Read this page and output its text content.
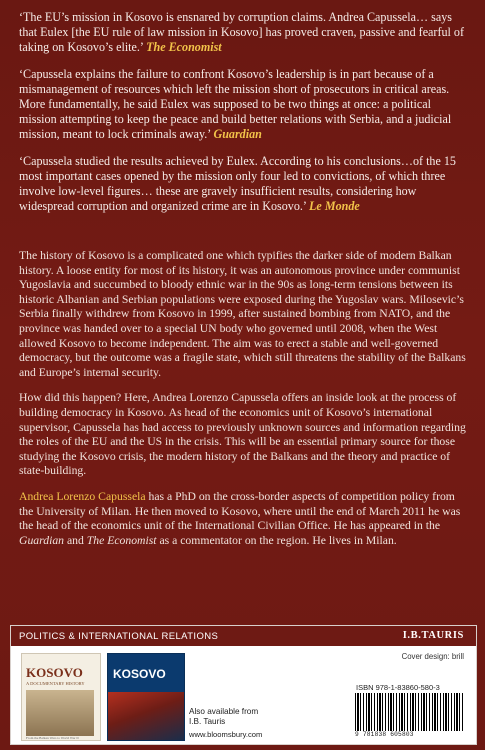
‘The EU’s mission in Kosovo is ensnared by corruption claims. Andrea Capussela… says that Eulex [the EU rule of law mission in Kosovo] has proved craven, passive and fearful of taking on Kosovo’s elite.’ The Economist

‘Capussela explains the failure to confront Kosovo’s leadership is in part because of a mismanagement of resources which left the mission short of prosecutors in critical areas. More fundamentally, he said Eulex was supposed to be two things at once: a political mission attempting to keep the peace and build better relations with Serbia, and a judicial mission, meant to lock criminals away.’ Guardian

‘Capussela studied the results achieved by Eulex. According to his conclusions…of the 15 most important cases opened by the mission only four led to convictions, of which three involve low-level figures… these are gravely insufficient results, considering how widespread corruption and organized crime are in Kosovo.’ Le Monde

The history of Kosovo is a complicated one which typifies the darker side of modern Balkan history. A loose entity for most of its history, it was an autonomous province under communist Yugoslavia and succumbed to bloody ethnic war in the 90s as long-term tensions between its historic Albanian and Serbian populations were exposed during the Yugoslav wars. Milosevic’s Serbia finally withdrew from Kosovo in 1999, after sustained bombing from NATO, and the province was handed over to a special UN body who governed until 2008, when the West allowed Kosovo to become independent. The aim was to erect a stable and well-governed democracy, but the outcome was a fragile state, which still threatens the stability of the Balkans and Europe’s internal security.

How did this happen? Here, Andrea Lorenzo Capussela offers an inside look at the process of building democracy in Kosovo. As head of the economics unit of Kosovo’s international supervisor, Capussela has had access to previously unknown sources and information regarding the roles of the EU and the US in the crisis. This will be an essential primary source for those studying the Kosovo crisis, the modern history of the Balkans and the theory and practice of state-building.

Andrea Lorenzo Capussela has a PhD on the cross-border aspects of competition policy from the University of Milan. He then moved to Kosovo, where until the end of March 2011 he was the head of the economics unit of the International Civilian Office. He has appeared in the Guardian and The Economist as a commentator on the region. He lives in Milan.

POLITICS & INTERNATIONAL RELATIONS	I.B.TAURIS
KOSOVO
A DOCUMENTARY HISTORY
From the Balkan Wars to World War II
KOSOVO
Also available from
I.B. Tauris
www.bloomsbury.com
Cover design: brill
ISBN 978-1-83860-580-3
9 781838 605803
